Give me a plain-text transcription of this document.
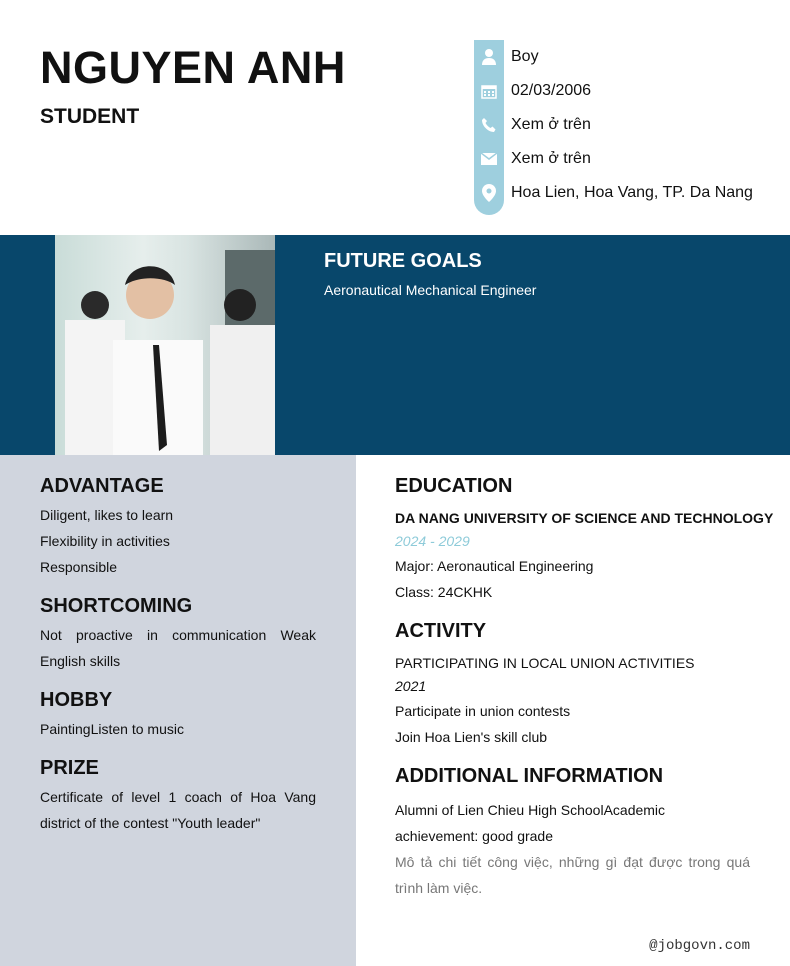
NGUYEN ANH
STUDENT
Boy
02/03/2006
Xem ở trên
Xem ở trên
Hoa Lien, Hoa Vang, TP. Da Nang
FUTURE GOALS
Aeronautical Mechanical Engineer
ADVANTAGE
Diligent, likes to learn
Flexibility in activities
Responsible
SHORTCOMING
Not proactive in communication Weak English skills
HOBBY
PaintingListen to music
PRIZE
Certificate of level 1 coach of Hoa Vang district of the contest "Youth leader"
EDUCATION
DA NANG UNIVERSITY OF SCIENCE AND TECHNOLOGY
2024 - 2029
Major: Aeronautical Engineering
Class: 24CKHK
ACTIVITY
PARTICIPATING IN LOCAL UNION ACTIVITIES
2021
Participate in union contests
Join Hoa Lien's skill club
ADDITIONAL INFORMATION
Alumni of Lien Chieu High SchoolAcademic achievement: good grade
Mô tả chi tiết công việc, những gì đạt được trong quá trình làm việc.
@jobgovn.com
